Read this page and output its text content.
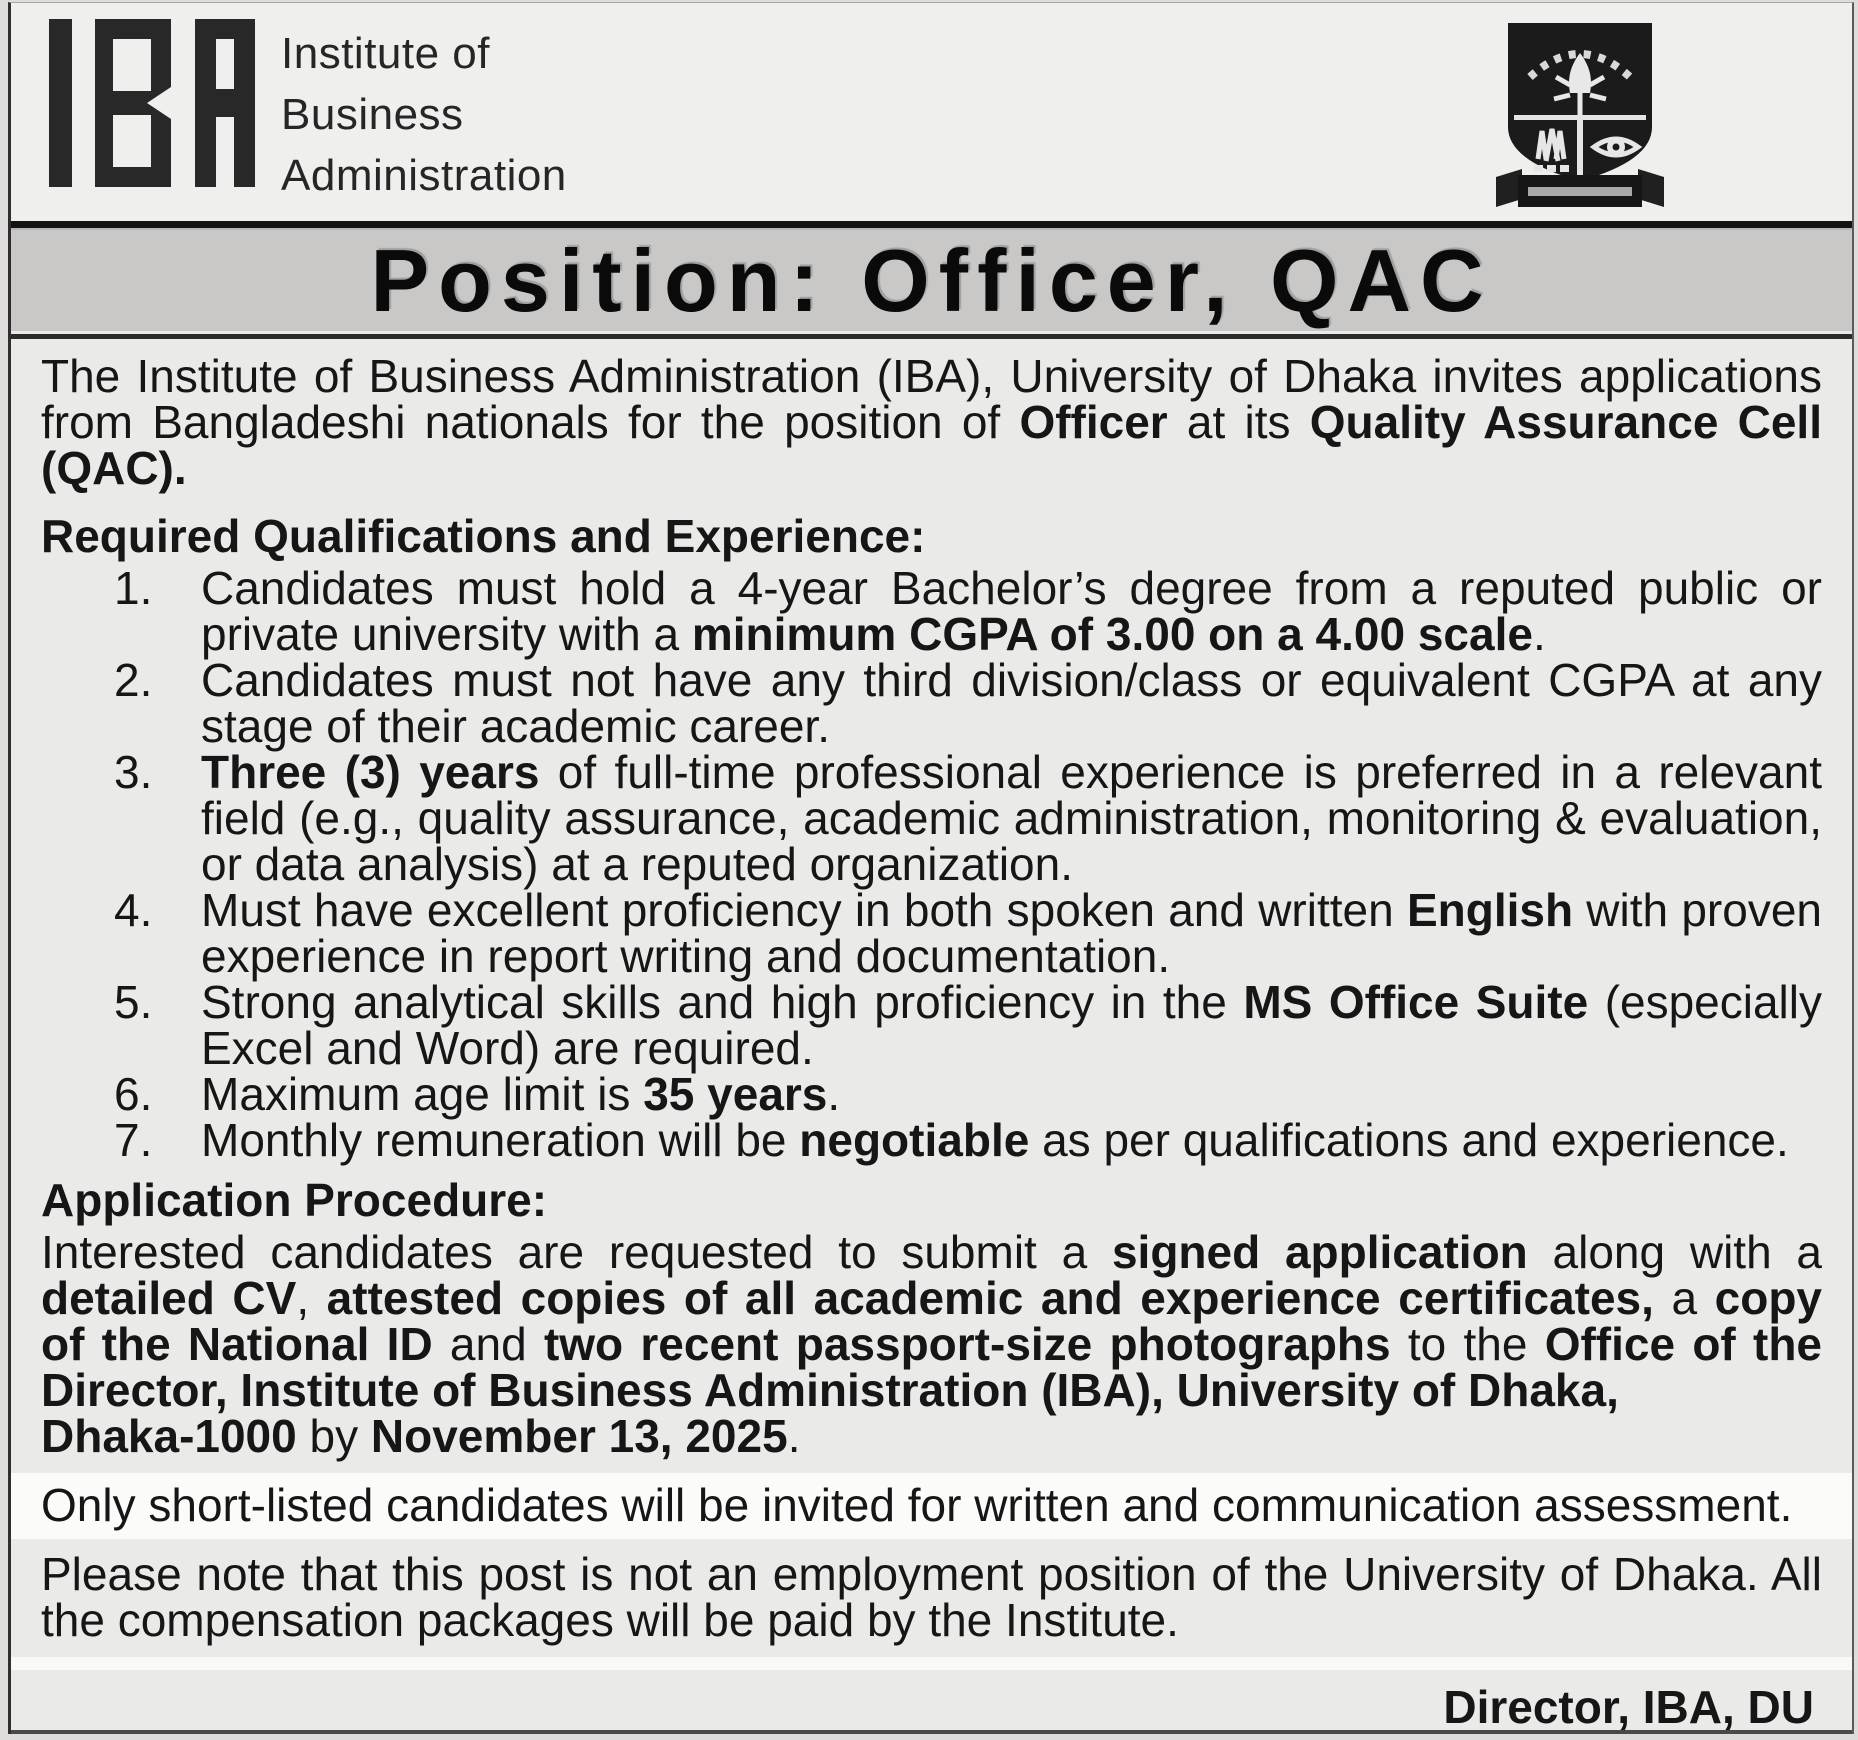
Institute of
Business
Administration
Position: Officer, QAC

The Institute of Business Administration (IBA), University of Dhaka invites applications from Bangladeshi nationals for the position of Officer at its Quality Assurance Cell (QAC).

Required Qualifications and Experience:
1. Candidates must hold a 4-year Bachelor’s degree from a reputed public or private university with a minimum CGPA of 3.00 on a 4.00 scale.
2. Candidates must not have any third division/class or equivalent CGPA at any stage of their academic career.
3. Three (3) years of full-time professional experience is preferred in a relevant field (e.g., quality assurance, academic administration, monitoring & evaluation, or data analysis) at a reputed organization.
4. Must have excellent proficiency in both spoken and written English with proven experience in report writing and documentation.
5. Strong analytical skills and high proficiency in the MS Office Suite (especially Excel and Word) are required.
6. Maximum age limit is 35 years.
7. Monthly remuneration will be negotiable as per qualifications and experience.
Application Procedure:

Interested candidates are requested to submit a signed application along with a detailed CV, attested copies of all academic and experience certificates, a copy of the National ID and two recent passport-size photographs to the Office of the Director, Institute of Business Administration (IBA), University of Dhaka,
Dhaka-1000 by November 13, 2025.

Only short-listed candidates will be invited for written and communication assessment.

Please note that this post is not an employment position of the University of Dhaka. All the compensation packages will be paid by the Institute.

Director, IBA, DU
